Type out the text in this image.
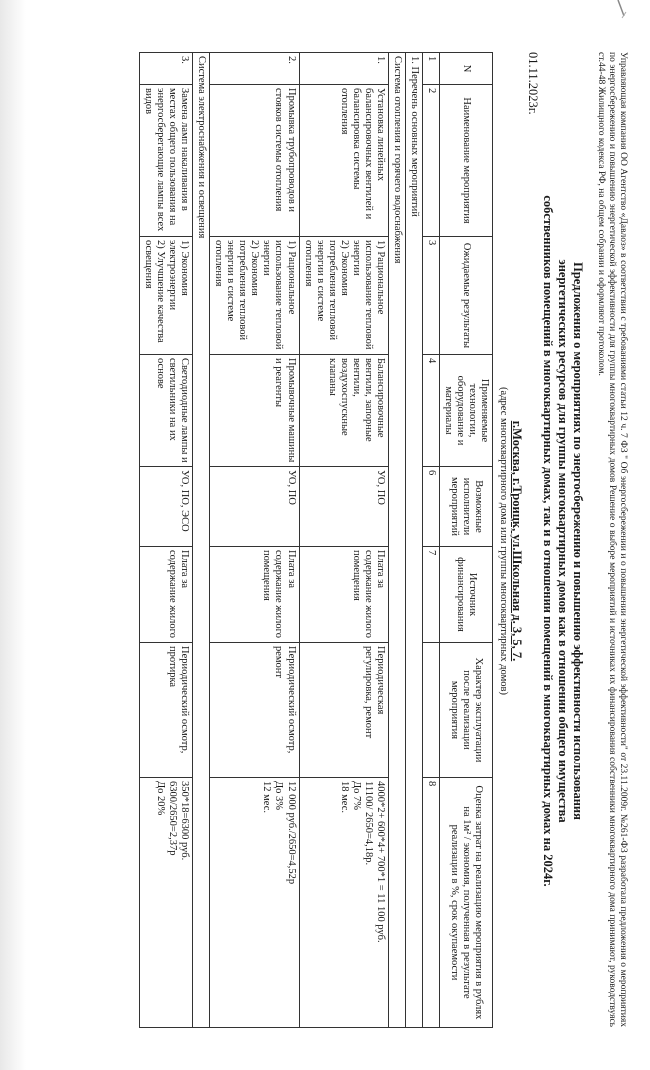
Управляющая компания ОО Агентство «Давлоз» в соответствии с требованиями статьи 12 ч. 7 ФЗ " Об энергосбережении и о повышении энергетической эффективности" от 23.11.2009г. №261-ФЗ разработала предложения о мероприятиях по энергосбережению и повышению энергетической эффективности для группы многоквартирных домов Решение о выборе мероприятий и источниках их финансирования собственники многоквартирного дома принимают, руководствуясь ст.44-48 Жилищного кодекса РФ, на общем собрании и оформляют протоколом.

Предложения о мероприятиях по энергосбережению и повышению эффективности использования

энергетических ресурсов для группы многоквартирных домов как в отношении общего имущества

собственников помещений в многоквартирных домах, так и в отношении помещений в многоквартирных домах на 2024г.

01.11.2023г.

г.Москва, г.Троицк, ул.Школьная д. 3, 5, 7.

(адрес многоквартирного дома или группы многоквартирных домов)

N	Наименование мероприятия	Ожидаемые результаты	Применяемые технологии, оборудование и материалы	Возможные исполнители мероприятий	Источник финансирования	Характер эксплуатации после реализации мероприятия	Оценка затрат на реализацию мероприятия в рублях на 1м² / экономия, полученная в результате реализации в %, срок окупаемости
1	2	3	4	6	7		8
1. Перечень основных мероприятий							
Система отопления и горячего водоснабжения							
1.	Установка линейных балансировочных вентилей и балансировка системы отопления	1) Рациональное использование тепловой энергии
2) Экономия потребления тепловой энергии в системе отопления	Балансировочные вентили, запорные вентили, воздухоспускные клапаны	УО, ПО	Плата за содержание жилого помещения	Периодическая регулировка, ремонт	4000*2+ 600*4+ 700*1 = 11 100 руб.
11100/ 2650=4,18р.
До 7%
18 мес.
2.	Промывка трубопроводов и стояков системы отопления	1) Рациональное использование тепловой энергии
2) Экономия потребления тепловой энергии в системе отопления	Промывочные машины и реагенты	УО, ПО	Плата за содержание жилого помещения	Периодический осмотр, ремонт	12 000 руб./2650=4,52р
До 3%
12 мес.
Система электроснабжения и освещения							
3.	Замена ламп накаливания в местах общего пользования на энергосберегающие лампы всех видов	1) Экономия электроэнергии
2) Улучшение качества освещения	Светодиодные лампы и светильники на их основе	УО, ПО, ЭСО	Плата за содержание жилого	Периодический осмотр, протирка	350*18=6300 руб.
6300/2650=2,37р
До 20%
